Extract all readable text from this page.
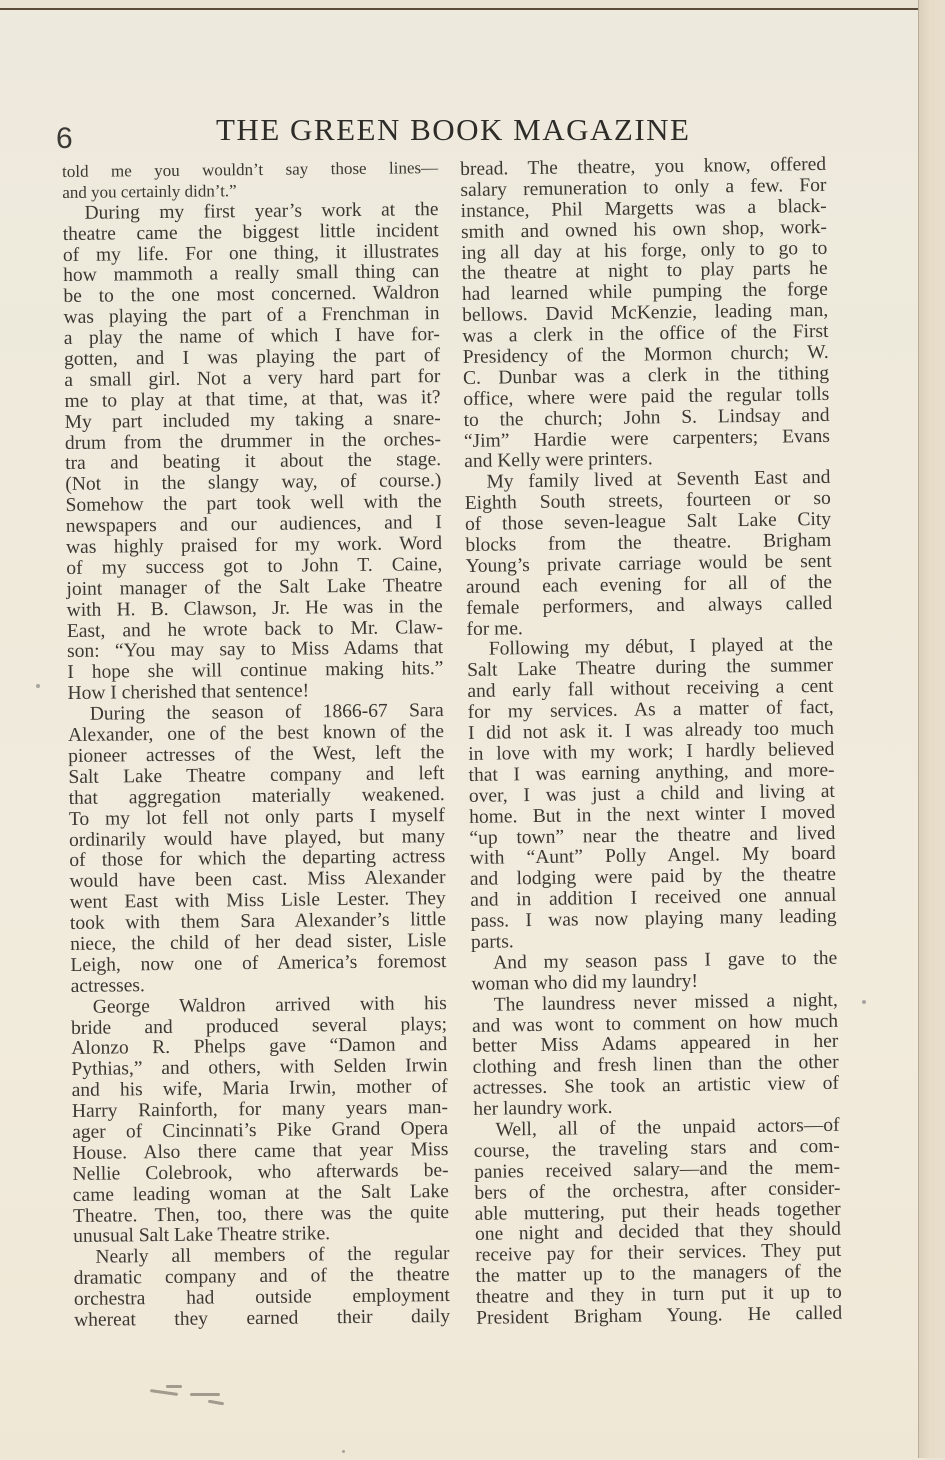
6	THE GREEN BOOK MAGAZINE
told me you wouldn’t say those lines—
and you certainly didn’t.”
During my first year’s work at the
theatre came the biggest little incident
of my life. For one thing, it illustrates
how mammoth a really small thing can
be to the one most concerned. Waldron
was playing the part of a Frenchman in
a play the name of which I have for-
gotten, and I was playing the part of
a small girl. Not a very hard part for
me to play at that time, at that, was it?
My part included my taking a snare-
drum from the drummer in the orches-
tra and beating it about the stage.
(Not in the slangy way, of course.)
Somehow the part took well with the
newspapers and our audiences, and I
was highly praised for my work. Word
of my success got to John T. Caine,
joint manager of the Salt Lake Theatre
with H. B. Clawson, Jr. He was in the
East, and he wrote back to Mr. Claw-
son: “You may say to Miss Adams that
I hope she will continue making hits.”
How I cherished that sentence!
During the season of 1866-67 Sara
Alexander, one of the best known of the
pioneer actresses of the West, left the
Salt Lake Theatre company and left
that aggregation materially weakened.
To my lot fell not only parts I myself
ordinarily would have played, but many
of those for which the departing actress
would have been cast. Miss Alexander
went East with Miss Lisle Lester. They
took with them Sara Alexander’s little
niece, the child of her dead sister, Lisle
Leigh, now one of America’s foremost
actresses.
George Waldron arrived with his
bride and produced several plays;
Alonzo R. Phelps gave “Damon and
Pythias,” and others, with Selden Irwin
and his wife, Maria Irwin, mother of
Harry Rainforth, for many years man-
ager of Cincinnati’s Pike Grand Opera
House. Also there came that year Miss
Nellie Colebrook, who afterwards be-
came leading woman at the Salt Lake
Theatre. Then, too, there was the quite
unusual Salt Lake Theatre strike.
Nearly all members of the regular
dramatic company and of the theatre
orchestra had outside employment
whereat they earned their daily
bread. The theatre, you know, offered
salary remuneration to only a few. For
instance, Phil Margetts was a black-
smith and owned his own shop, work-
ing all day at his forge, only to go to
the theatre at night to play parts he
had learned while pumping the forge
bellows. David McKenzie, leading man,
was a clerk in the office of the First
Presidency of the Mormon church; W.
C. Dunbar was a clerk in the tithing
office, where were paid the regular tolls
to the church; John S. Lindsay and
“Jim” Hardie were carpenters; Evans
and Kelly were printers.
My family lived at Seventh East and
Eighth South streets, fourteen or so
of those seven-league Salt Lake City
blocks from the theatre. Brigham
Young’s private carriage would be sent
around each evening for all of the
female performers, and always called
for me.
Following my début, I played at the
Salt Lake Theatre during the summer
and early fall without receiving a cent
for my services. As a matter of fact,
I did not ask it. I was already too much
in love with my work; I hardly believed
that I was earning anything, and more-
over, I was just a child and living at
home. But in the next winter I moved
“up town” near the theatre and lived
with “Aunt” Polly Angel. My board
and lodging were paid by the theatre
and in addition I received one annual
pass. I was now playing many leading
parts.
And my season pass I gave to the
woman who did my laundry!
The laundress never missed a night,
and was wont to comment on how much
better Miss Adams appeared in her
clothing and fresh linen than the other
actresses. She took an artistic view of
her laundry work.
Well, all of the unpaid actors—of
course, the traveling stars and com-
panies received salary—and the mem-
bers of the orchestra, after consider-
able muttering, put their heads together
one night and decided that they should
receive pay for their services. They put
the matter up to the managers of the
theatre and they in turn put it up to
President Brigham Young. He called
